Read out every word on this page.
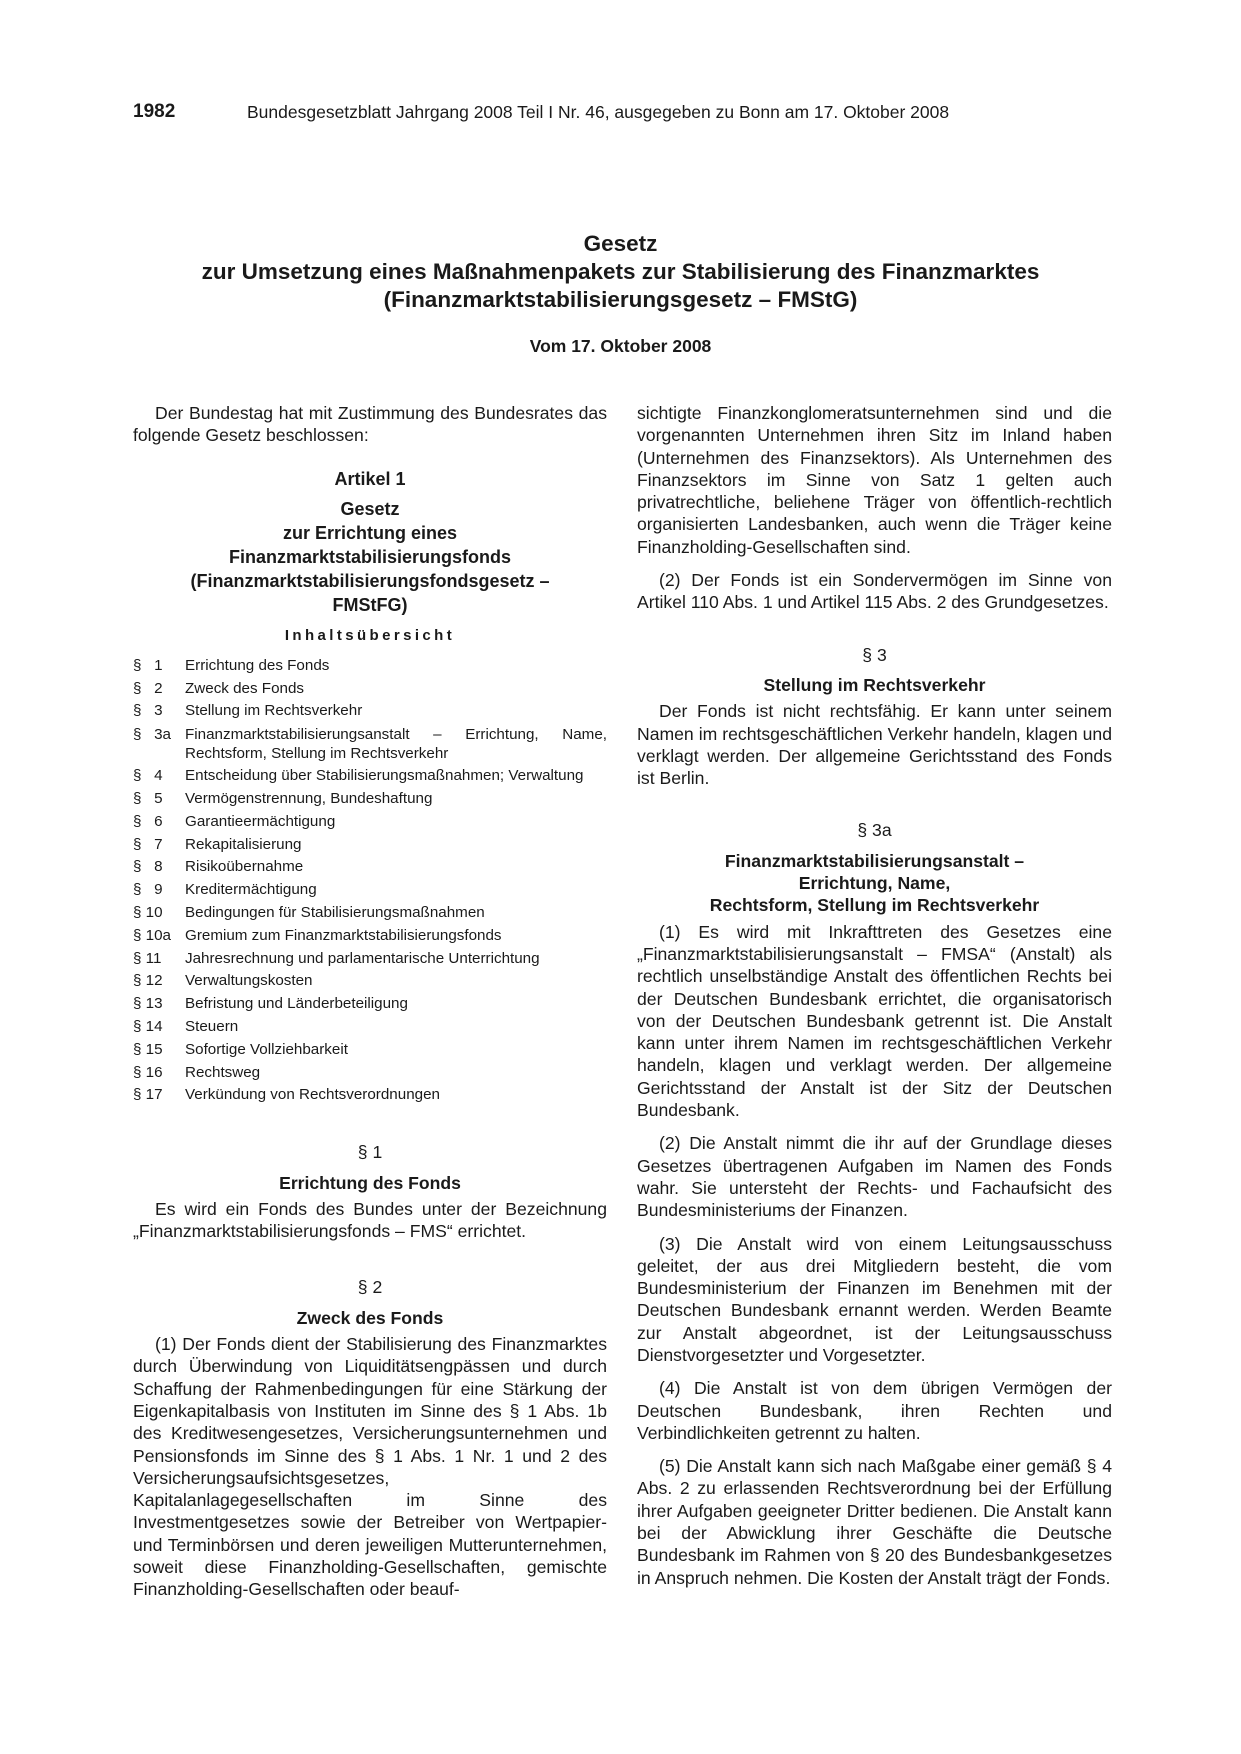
1982	Bundesgesetzblatt Jahrgang 2008 Teil I Nr. 46, ausgegeben zu Bonn am 17. Oktober 2008
Gesetz
zur Umsetzung eines Maßnahmenpakets zur Stabilisierung des Finanzmarktes
(Finanzmarktstabilisierungsgesetz – FMStG)
Vom 17. Oktober 2008

Der Bundestag hat mit Zustimmung des Bundesrates das folgende Gesetz beschlossen:

Artikel 1
Gesetz
zur Errichtung eines
Finanzmarktstabilisierungsfonds
(Finanzmarktstabilisierungsfondsgesetz –
FMStFG)
Inhaltsübersicht
§   1	Errichtung des Fonds
§   2	Zweck des Fonds
§   3	Stellung im Rechtsverkehr
§   3a Finanzmarktstabilisierungsanstalt – Errichtung, Name, Rechtsform, Stellung im Rechtsverkehr
§   4	Entscheidung über Stabilisierungsmaßnahmen; Verwaltung
§   5	Vermögenstrennung, Bundeshaftung
§   6	Garantieermächtigung
§   7	Rekapitalisierung
§   8	Risikoübernahme
§   9	Kreditermächtigung
§ 10	Bedingungen für Stabilisierungsmaßnahmen
§ 10a Gremium zum Finanzmarktstabilisierungsfonds
§ 11	Jahresrechnung und parlamentarische Unterrichtung
§ 12	Verwaltungskosten
§ 13	Befristung und Länderbeteiligung
§ 14	Steuern
§ 15	Sofortige Vollziehbarkeit
§ 16	Rechtsweg
§ 17	Verkündung von Rechtsverordnungen
§ 1
Errichtung des Fonds

Es wird ein Fonds des Bundes unter der Bezeichnung „Finanzmarktstabilisierungsfonds – FMS“ errichtet.

§ 2
Zweck des Fonds

(1) Der Fonds dient der Stabilisierung des Finanzmarktes durch Überwindung von Liquiditätsengpässen und durch Schaffung der Rahmenbedingungen für eine Stärkung der Eigenkapitalbasis von Instituten im Sinne des § 1 Abs. 1b des Kreditwesengesetzes, Versicherungsunternehmen und Pensionsfonds im Sinne des § 1 Abs. 1 Nr. 1 und 2 des Versicherungsaufsichtsgesetzes, Kapitalanlagegesellschaften im Sinne des Investmentgesetzes sowie der Betreiber von Wertpapier- und Terminbörsen und deren jeweiligen Mutterunternehmen, soweit diese Finanzholding-Gesellschaften, gemischte Finanzholding-Gesellschaften oder beauf-

sichtigte Finanzkonglomeratsunternehmen sind und die vorgenannten Unternehmen ihren Sitz im Inland haben (Unternehmen des Finanzsektors). Als Unternehmen des Finanzsektors im Sinne von Satz 1 gelten auch privatrechtliche, beliehene Träger von öffentlich-rechtlich organisierten Landesbanken, auch wenn die Träger keine Finanzholding-Gesellschaften sind.

(2) Der Fonds ist ein Sondervermögen im Sinne von Artikel 110 Abs. 1 und Artikel 115 Abs. 2 des Grundgesetzes.

§ 3
Stellung im Rechtsverkehr

Der Fonds ist nicht rechtsfähig. Er kann unter seinem Namen im rechtsgeschäftlichen Verkehr handeln, klagen und verklagt werden. Der allgemeine Gerichtsstand des Fonds ist Berlin.

§ 3a
Finanzmarktstabilisierungsanstalt –
Errichtung, Name,
Rechtsform, Stellung im Rechtsverkehr

(1) Es wird mit Inkrafttreten des Gesetzes eine „Finanzmarktstabilisierungsanstalt – FMSA“ (Anstalt) als rechtlich unselbständige Anstalt des öffentlichen Rechts bei der Deutschen Bundesbank errichtet, die organisatorisch von der Deutschen Bundesbank getrennt ist. Die Anstalt kann unter ihrem Namen im rechtsgeschäftlichen Verkehr handeln, klagen und verklagt werden. Der allgemeine Gerichtsstand der Anstalt ist der Sitz der Deutschen Bundesbank.

(2) Die Anstalt nimmt die ihr auf der Grundlage dieses Gesetzes übertragenen Aufgaben im Namen des Fonds wahr. Sie untersteht der Rechts- und Fachaufsicht des Bundesministeriums der Finanzen.

(3) Die Anstalt wird von einem Leitungsausschuss geleitet, der aus drei Mitgliedern besteht, die vom Bundesministerium der Finanzen im Benehmen mit der Deutschen Bundesbank ernannt werden. Werden Beamte zur Anstalt abgeordnet, ist der Leitungsausschuss Dienstvorgesetzter und Vorgesetzter.

(4) Die Anstalt ist von dem übrigen Vermögen der Deutschen Bundesbank, ihren Rechten und Verbindlichkeiten getrennt zu halten.

(5) Die Anstalt kann sich nach Maßgabe einer gemäß § 4 Abs. 2 zu erlassenden Rechtsverordnung bei der Erfüllung ihrer Aufgaben geeigneter Dritter bedienen. Die Anstalt kann bei der Abwicklung ihrer Geschäfte die Deutsche Bundesbank im Rahmen von § 20 des Bundesbankgesetzes in Anspruch nehmen. Die Kosten der Anstalt trägt der Fonds.
